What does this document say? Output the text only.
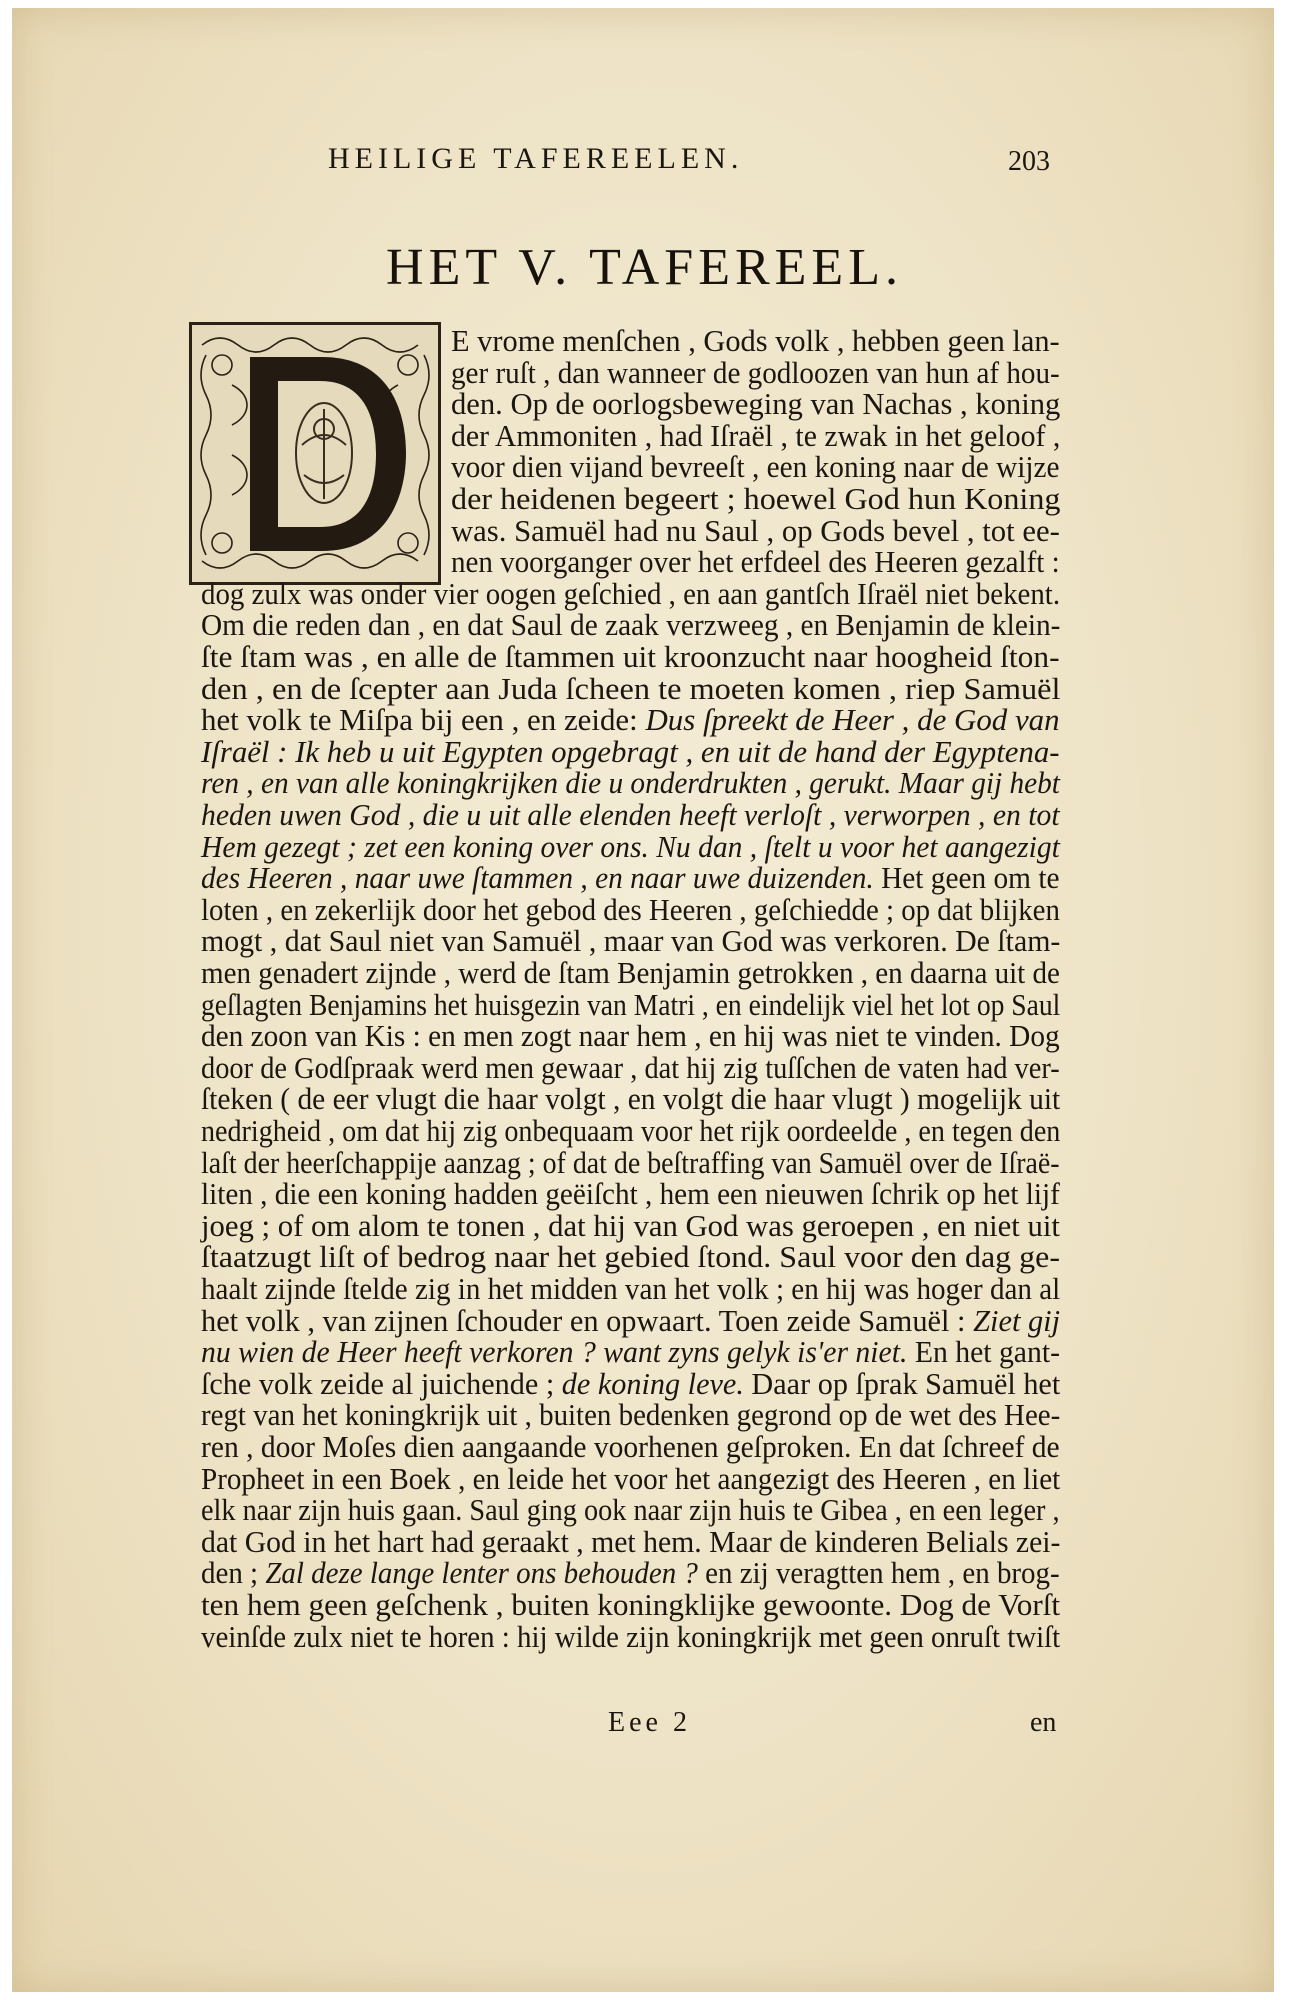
HEILIGE TAFEREELEN.	203
HET V. TAFEREEL.
E vrome menſchen , Gods volk , hebben geen lan-
ger ruſt , dan wanneer de godloozen van hun af hou-
den. Op de oorlogsbeweging van Nachas , koning
der Ammoniten , had Iſraël , te zwak in het geloof ,
voor dien vijand bevreeſt , een koning naar de wijze
der heidenen begeert ; hoewel God hun Koning
was. Samuël had nu Saul , op Gods bevel , tot ee-
nen voorganger over het erfdeel des Heeren gezalft :
dog zulx was onder vier oogen geſchied , en aan gantſch Iſraël niet bekent.
Om die reden dan , en dat Saul de zaak verzweeg , en Benjamin de klein-
ſte ſtam was , en alle de ſtammen uit kroonzucht naar hoogheid ſton-
den , en de ſcepter aan Juda ſcheen te moeten komen , riep Samuël
het volk te Miſpa bij een , en zeide: Dus ſpreekt de Heer , de God van
Iſraël : Ik heb u uit Egypten opgebragt , en uit de hand der Egyptena-
ren , en van alle koningkrijken die u onderdrukten , gerukt. Maar gij hebt
heden uwen God , die u uit alle elenden heeft verloſt , verworpen , en tot
Hem gezegt ; zet een koning over ons. Nu dan , ſtelt u voor het aangezigt
des Heeren , naar uwe ſtammen , en naar uwe duizenden. Het geen om te
loten , en zekerlijk door het gebod des Heeren , geſchiedde ; op dat blijken
mogt , dat Saul niet van Samuël , maar van God was verkoren. De ſtam-
men genadert zijnde , werd de ſtam Benjamin getrokken , en daarna uit de
geſlagten Benjamins het huisgezin van Matri , en eindelijk viel het lot op Saul
den zoon van Kis : en men zogt naar hem , en hij was niet te vinden. Dog
door de Godſpraak werd men gewaar , dat hij zig tuſſchen de vaten had ver-
ſteken ( de eer vlugt die haar volgt , en volgt die haar vlugt ) mogelijk uit
nedrigheid , om dat hij zig onbequaam voor het rijk oordeelde , en tegen den
laſt der heerſchappije aanzag ; of dat de beſtraffing van Samuël over de Iſraë-
liten , die een koning hadden geëiſcht , hem een nieuwen ſchrik op het lijf
joeg ; of om alom te tonen , dat hij van God was geroepen , en niet uit
ſtaatzugt liſt of bedrog naar het gebied ſtond. Saul voor den dag ge-
haalt zijnde ſtelde zig in het midden van het volk ; en hij was hoger dan al
het volk , van zijnen ſchouder en opwaart. Toen zeide Samuël : Ziet gij
nu wien de Heer heeft verkoren ? want zyns gelyk is'er niet. En het gant-
ſche volk zeide al juichende ; de koning leve. Daar op ſprak Samuël het
regt van het koningkrijk uit , buiten bedenken gegrond op de wet des Hee-
ren , door Moſes dien aangaande voorhenen geſproken. En dat ſchreef de
Propheet in een Boek , en leide het voor het aangezigt des Heeren , en liet
elk naar zijn huis gaan. Saul ging ook naar zijn huis te Gibea , en een leger ,
dat God in het hart had geraakt , met hem. Maar de kinderen Belials zei-
den ; Zal deze lange lenter ons behouden ? en zij veragtten hem , en brog-
ten hem geen geſchenk , buiten koningklijke gewoonte. Dog de Vorſt
veinſde zulx niet te horen : hij wilde zijn koningkrijk met geen onruſt twiſt
Eee 2	en
